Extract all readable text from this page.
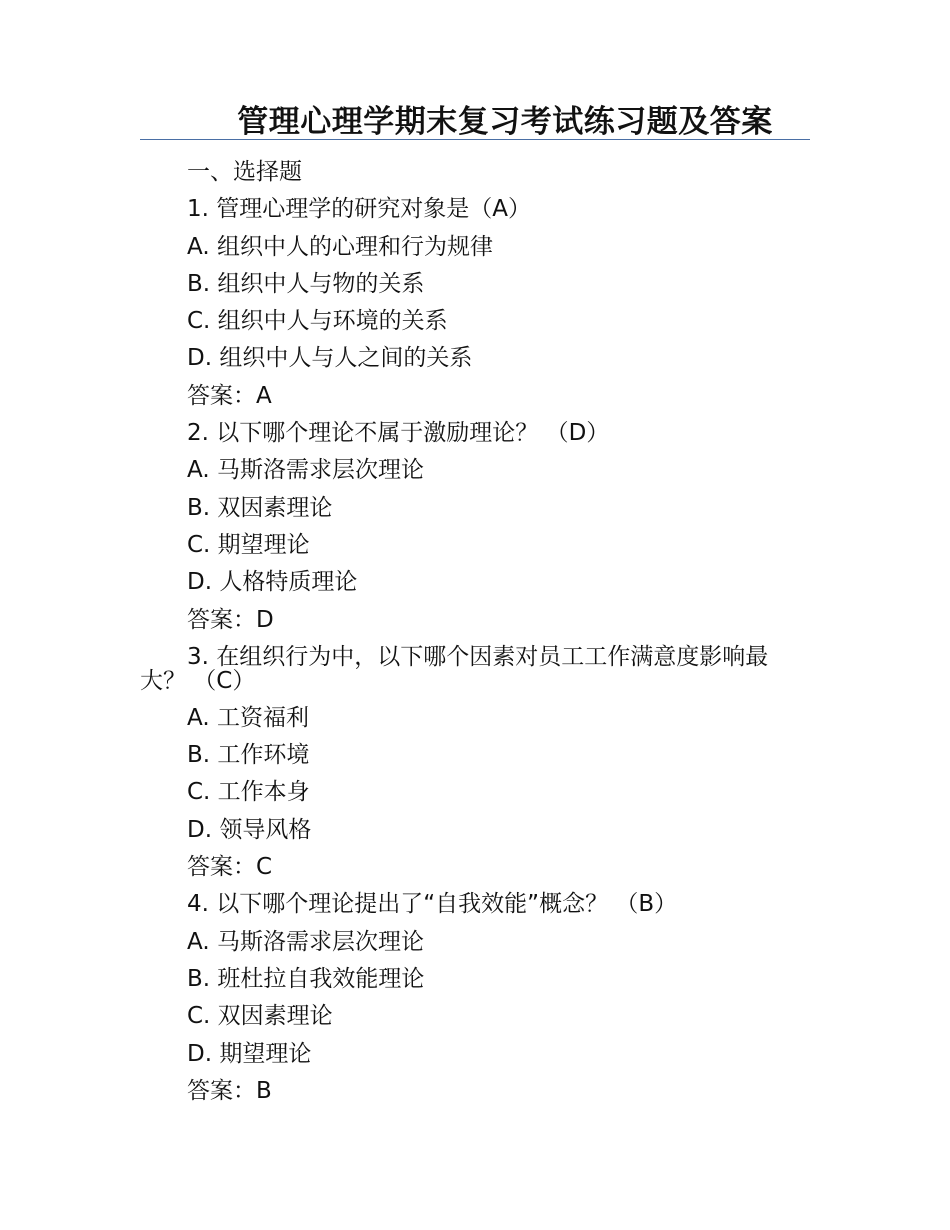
管理心理学期末复习考试练习题及答案
一、选择题
1. 管理心理学的研究对象是（A）
A. 组织中人的心理和行为规律
B. 组织中人与物的关系
C. 组织中人与环境的关系
D. 组织中人与人之间的关系
答案：A
2. 以下哪个理论不属于激励理论？ （D）
A. 马斯洛需求层次理论
B. 双因素理论
C. 期望理论
D. 人格特质理论
答案：D
3. 在组织行为中，以下哪个因素对员工工作满意度影响最
大？ （C）
A. 工资福利
B. 工作环境
C. 工作本身
D. 领导风格
答案：C
4. 以下哪个理论提出了“自我效能”概念？ （B）
A. 马斯洛需求层次理论
B. 班杜拉自我效能理论
C. 双因素理论
D. 期望理论
答案：B
